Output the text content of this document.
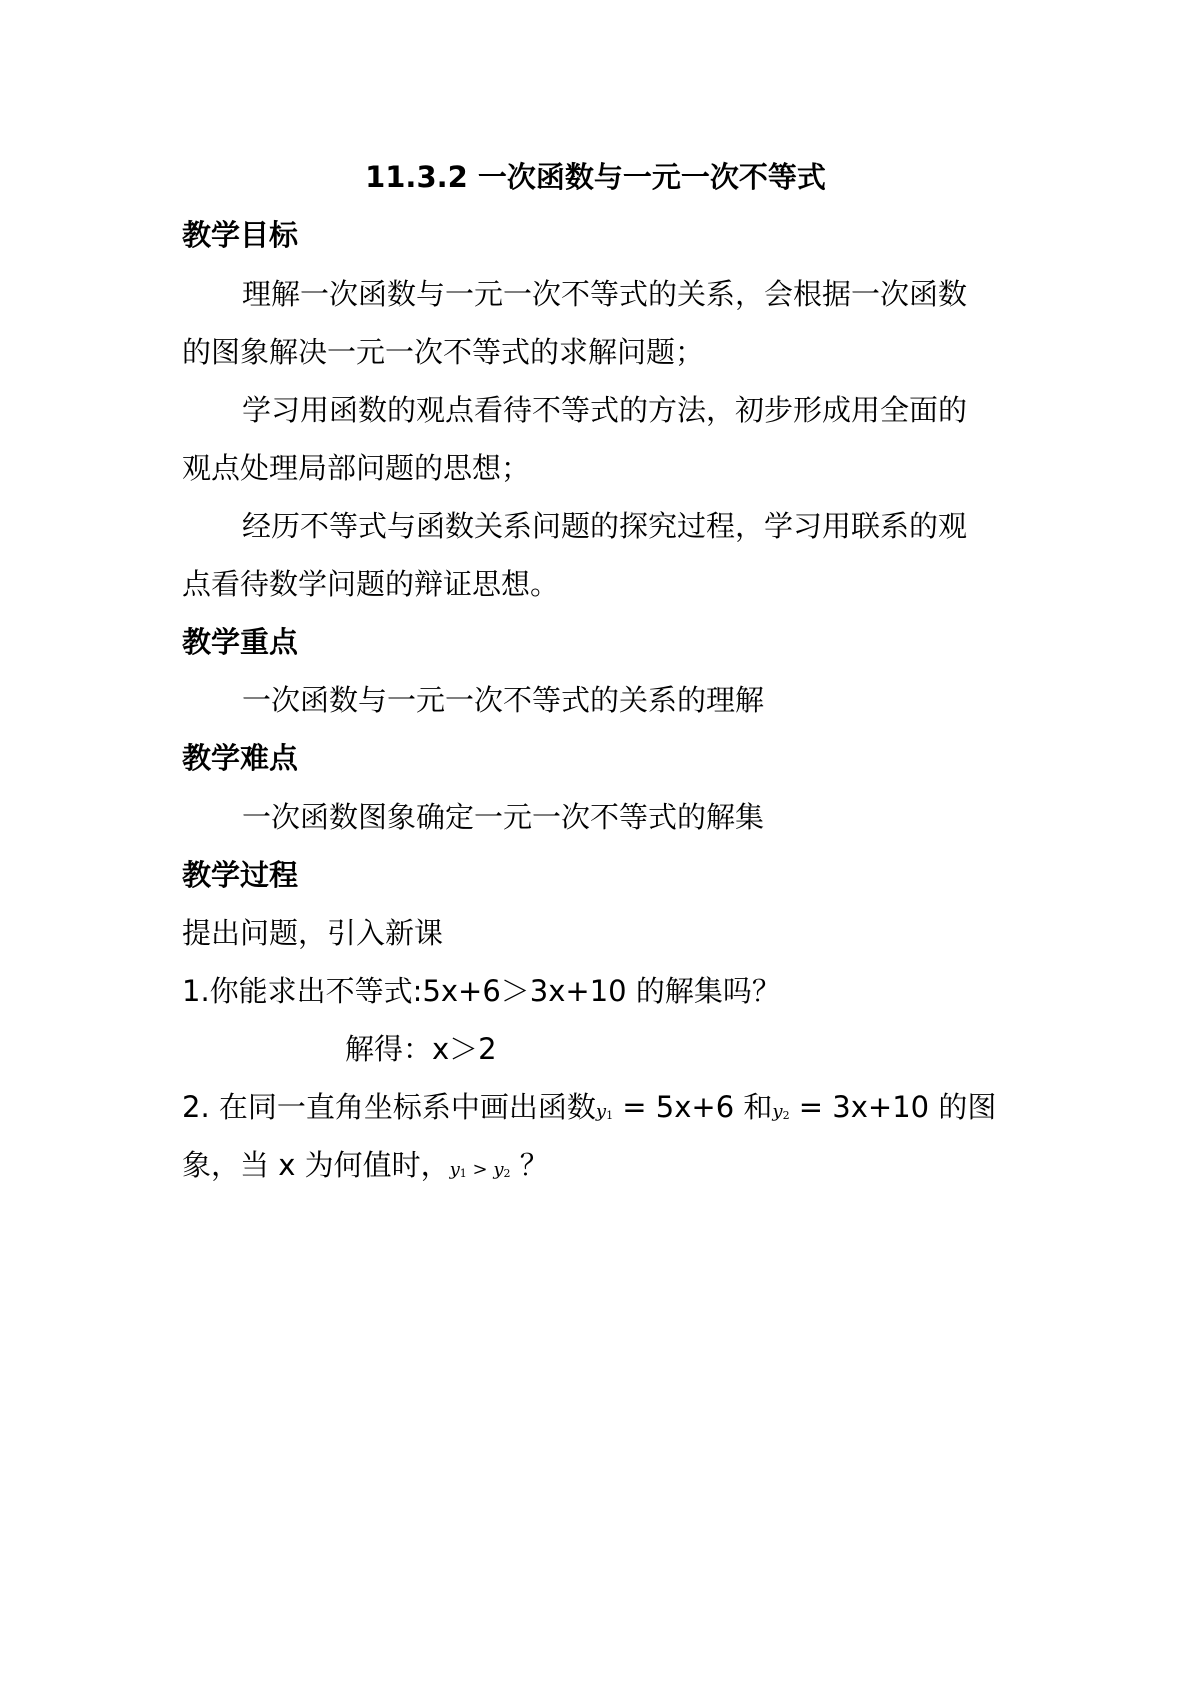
11.3.2 一次函数与一元一次不等式
教学目标
理解一次函数与一元一次不等式的关系，会根据一次函数
的图象解决一元一次不等式的求解问题；
学习用函数的观点看待不等式的方法，初步形成用全面的
观点处理局部问题的思想；
经历不等式与函数关系问题的探究过程，学习用联系的观
点看待数学问题的辩证思想。
教学重点
一次函数与一元一次不等式的关系的理解
教学难点
一次函数图象确定一元一次不等式的解集
教学过程
提出问题，引入新课
1.你能求出不等式:5x+6＞3x+10 的解集吗？
解得：x＞2
2. 在同一直角坐标系中画出函数$y_1 = 5x+6$ 和$y_2 = 3x+10$ 的图
象，当 x 为何值时，$y_1 > y_2$ ？
